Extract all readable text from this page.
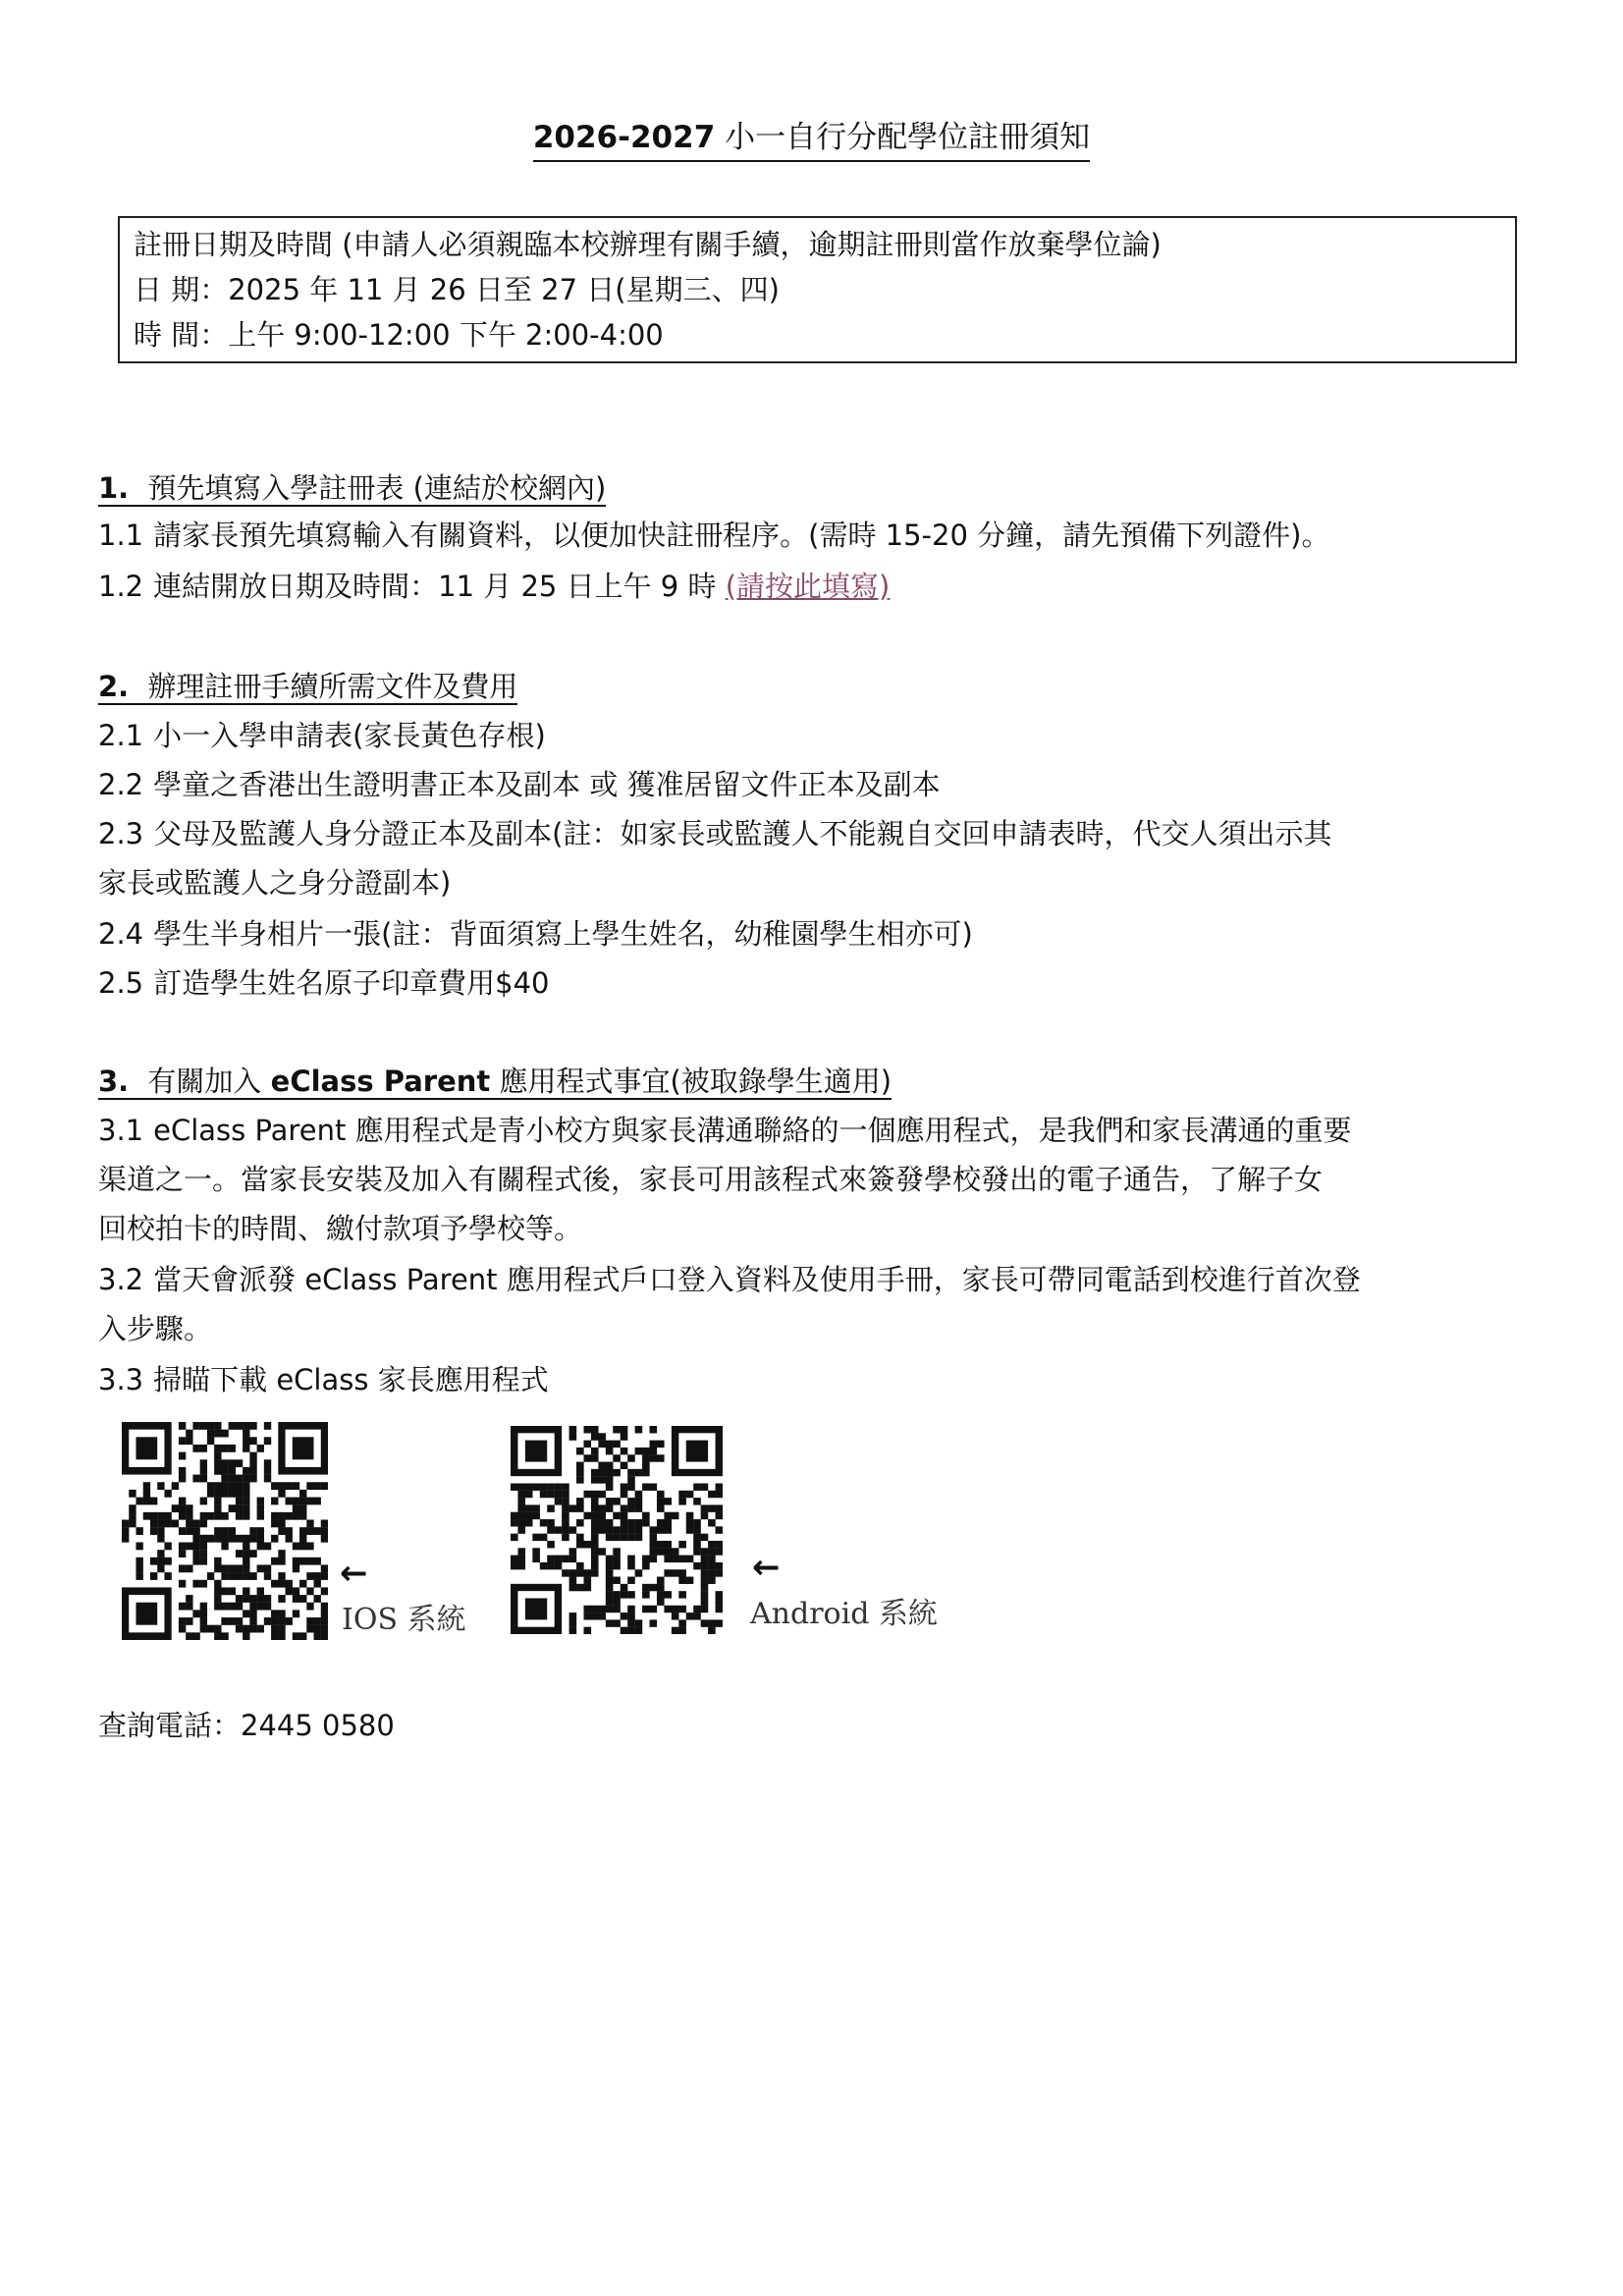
2026-2027 小一自行分配學位註冊須知
註冊日期及時間 (申請人必須親臨本校辦理有關手續，逾期註冊則當作放棄學位論)
日 期：2025 年 11 月 26 日至 27 日(星期三、四)
時 間：上午 9:00-12:00 下午 2:00-4:00
1. 預先填寫入學註冊表 (連結於校網內)
1.1 請家長預先填寫輸入有關資料，以便加快註冊程序。(需時 15-20 分鐘，請先預備下列證件)。
1.2 連結開放日期及時間：11 月 25 日上午 9 時 (請按此填寫)
2. 辦理註冊手續所需文件及費用
2.1 小一入學申請表(家長黃色存根)
2.2 學童之香港出生證明書正本及副本 或 獲准居留文件正本及副本
2.3 父母及監護人身分證正本及副本(註：如家長或監護人不能親自交回申請表時，代交人須出示其
家長或監護人之身分證副本)
2.4 學生半身相片一張(註：背面須寫上學生姓名，幼稚園學生相亦可)
2.5 訂造學生姓名原子印章費用$40
3. 有關加入 eClass Parent 應用程式事宜(被取錄學生適用)
3.1 eClass Parent 應用程式是青小校方與家長溝通聯絡的一個應用程式，是我們和家長溝通的重要
渠道之一。當家長安裝及加入有關程式後，家長可用該程式來簽發學校發出的電子通告，了解子女
回校拍卡的時間、繳付款項予學校等。
3.2 當天會派發 eClass Parent 應用程式戶口登入資料及使用手冊，家長可帶同電話到校進行首次登
入步驟。
3.3 掃瞄下載 eClass 家長應用程式
←
IOS 系統
←
Android 系統
查詢電話：2445 0580
